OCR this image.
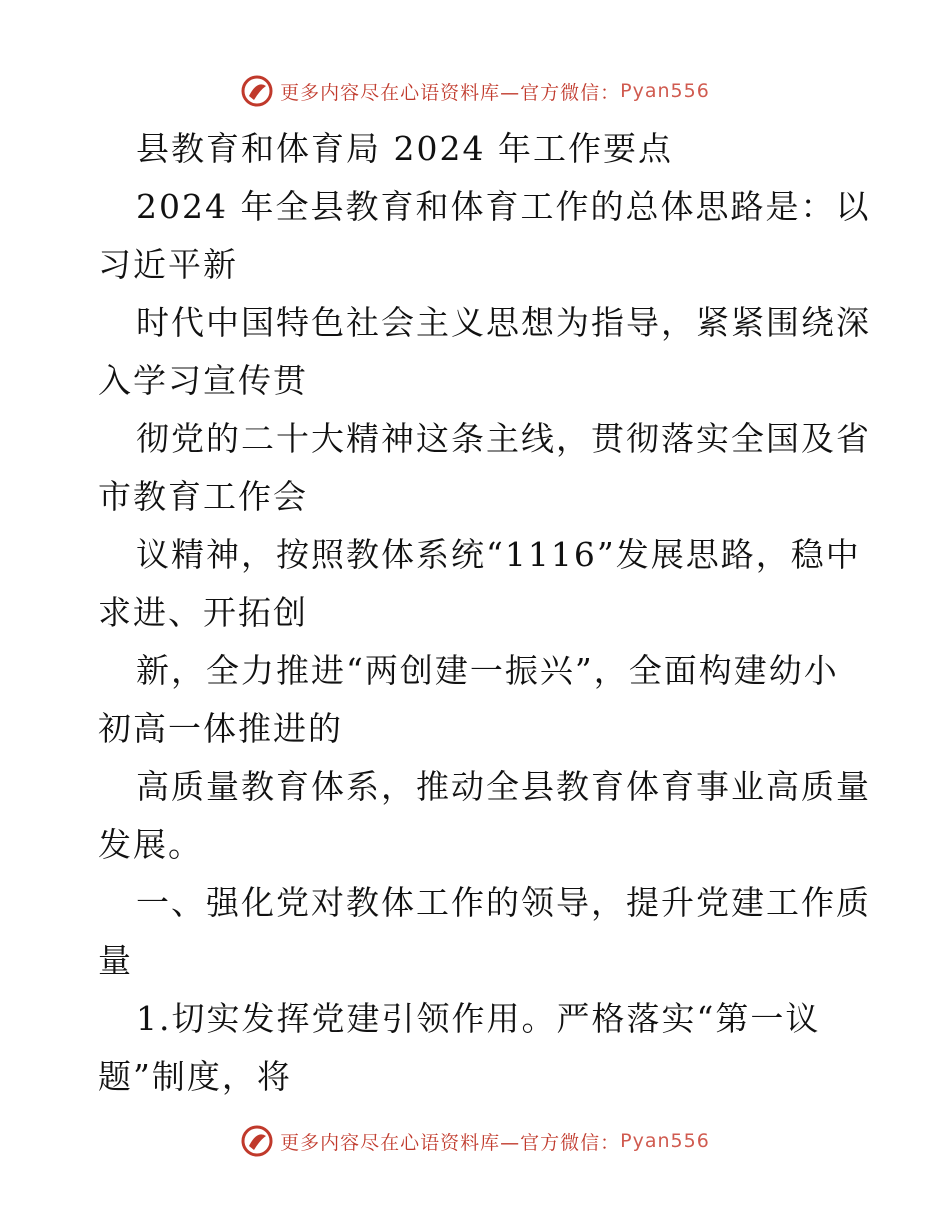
更多内容尽在心语资料库—官方微信： Pyan556
县教育和体育局 2024 年工作要点
2024 年全县教育和体育工作的总体思路是：以
习近平新
时代中国特色社会主义思想为指导，紧紧围绕深
入学习宣传贯
彻党的二十大精神这条主线，贯彻落实全国及省
市教育工作会
议精神，按照教体系统“1116”发展思路，稳中
求进、开拓创
新，全力推进“两创建一振兴”，全面构建幼小
初高一体推进的
高质量教育体系，推动全县教育体育事业高质量
发展。
一、强化党对教体工作的领导，提升党建工作质
量
1.切实发挥党建引领作用。严格落实“第一议
题”制度，将
更多内容尽在心语资料库—官方微信： Pyan556
